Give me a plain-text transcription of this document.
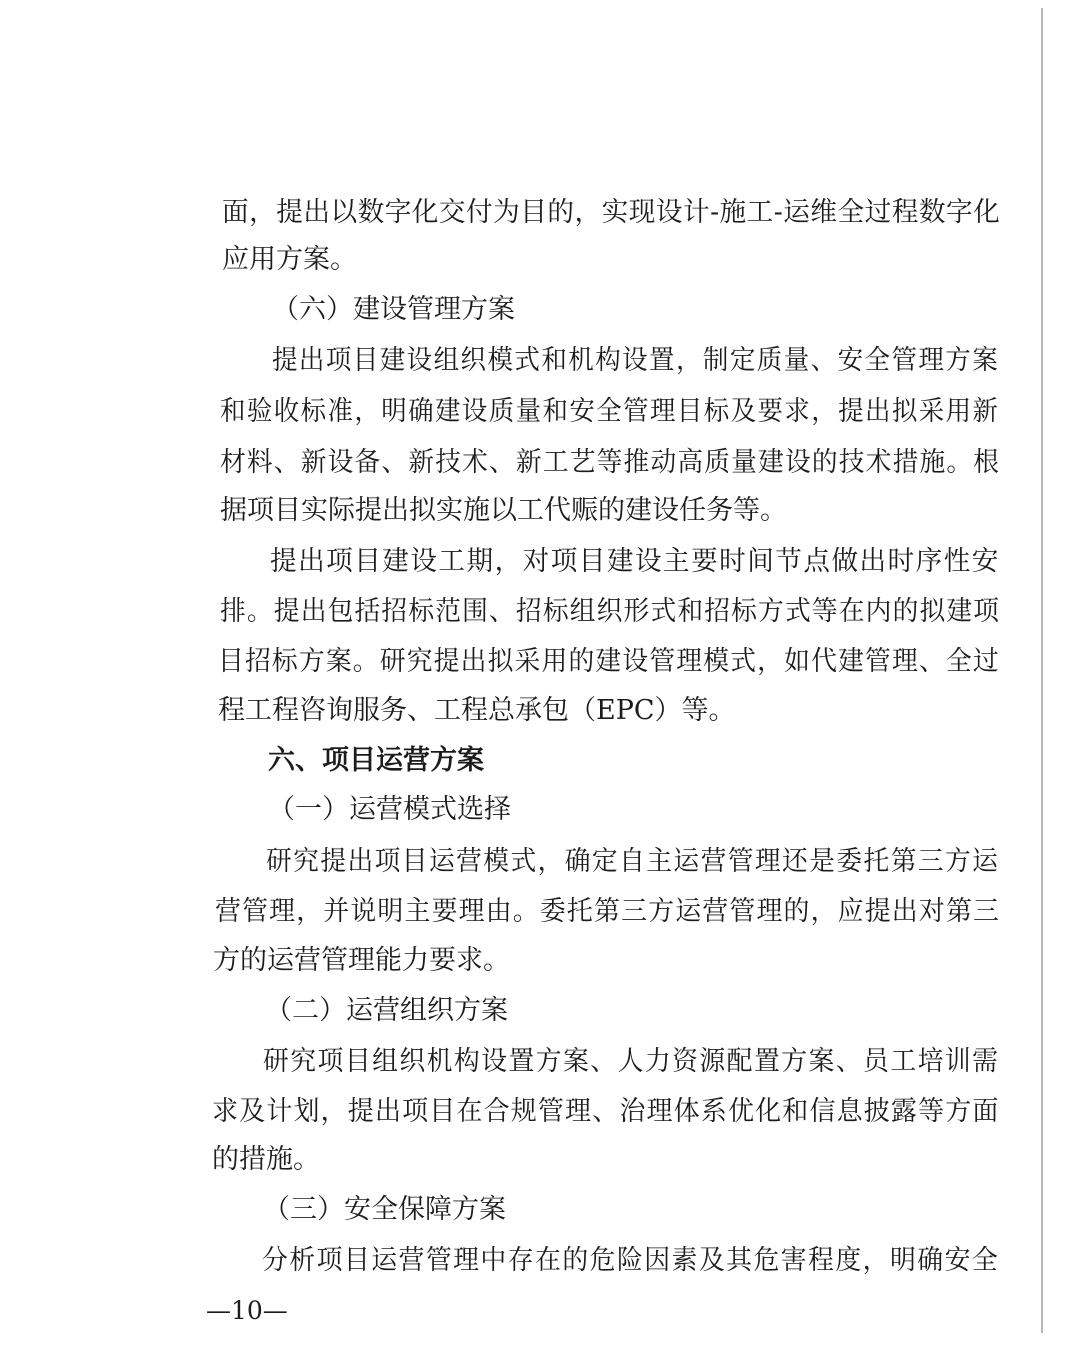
面，提出以数字化交付为目的，实现设计-施工-运维全过程数字化
应用方案。
（六）建设管理方案
提出项目建设组织模式和机构设置，制定质量、安全管理方案
和验收标准，明确建设质量和安全管理目标及要求，提出拟采用新
材料、新设备、新技术、新工艺等推动高质量建设的技术措施。根
据项目实际提出拟实施以工代赈的建设任务等。
提出项目建设工期，对项目建设主要时间节点做出时序性安
排。提出包括招标范围、招标组织形式和招标方式等在内的拟建项
目招标方案。研究提出拟采用的建设管理模式，如代建管理、全过
程工程咨询服务、工程总承包（EPC）等。
六、项目运营方案
（一）运营模式选择
研究提出项目运营模式，确定自主运营管理还是委托第三方运
营管理，并说明主要理由。委托第三方运营管理的，应提出对第三
方的运营管理能力要求。
（二）运营组织方案
研究项目组织机构设置方案、人力资源配置方案、员工培训需
求及计划，提出项目在合规管理、治理体系优化和信息披露等方面
的措施。
（三）安全保障方案
分析项目运营管理中存在的危险因素及其危害程度，明确安全
—10—
